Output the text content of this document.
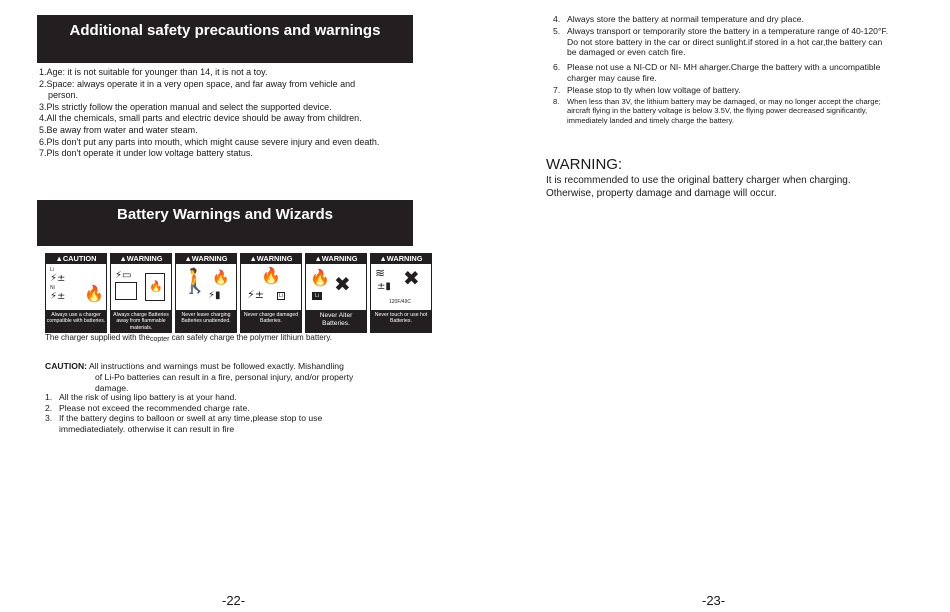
Additional safety precautions and warnings
1.Age: it is not suitable for younger than 14, it is not a toy.
2.Space: always operate it in a very open space, and far away from vehicle and
person.
3.Pls strictly follow the operation manual and select the supported device.
4.All the chemicals, small parts and electric device should be away from children.
5.Be away from water and water steam.
6.Pls don't put any parts into mouth, which might cause severe injury and even death.
7.Pls don't operate it under low voltage battery status.
Battery Warnings and Wizards
▲CAUTION
Li
⚡±
Ni
⚡± 🔥
Always use a charger compatible with batteries.
▲WARNING
⚡▭
🔥
Always charge Batteries away from flammable materials.
▲WARNING
🚶 🔥
⚡▮
Never leave charging Batteries unattended.
▲WARNING
🔥
⚡±	Li
Never charge damaged Batteries.
▲WARNING
🔥 ✖
Li
Never Alter Batteries.
▲WARNING
≋ ✖
±▮
120F/49C
Never touch or use hot Batteries.
The charger supplied with thecopter can safely charge the polymer lithium battery.
CAUTION: All instructions and warnings must be followed exactly. Mishandling
of Li-Po batteries can result in a fire, personal injury, and/or property
damage.
1. All the risk of using lipo battery is at your hand.
2. Please not exceed the recommended charge rate.
3. If the battery degins to balloon or swell at any time,please stop to use
immediatediately. otherwise it can result in fire
-22-
4. Always store the battery at normail temperature and dry place.
5. Always transport or temporarily store the battery in a temperature range of 40-120°F. Do not store battery in the car or direct sunlight.if stored in a hot car,the battery can be damaged or even catch fire.
6. Please not use a NI-CD or NI- MH aharger.Charge the battery with a uncompatible charger may cause fire.
7. Please stop to tly when low voltage of battery.
8. When less than 3V, the lithium battery may be damaged, or may no longer accept the charge; aircraft flying in the battery voltage is below 3.5V, the flying power decreased significantly, immediately landed and timely charge the battery.
WARNING:
It is recommended to use the original battery charger when charging.
Otherwise, property damage and damage will occur.
-23-
